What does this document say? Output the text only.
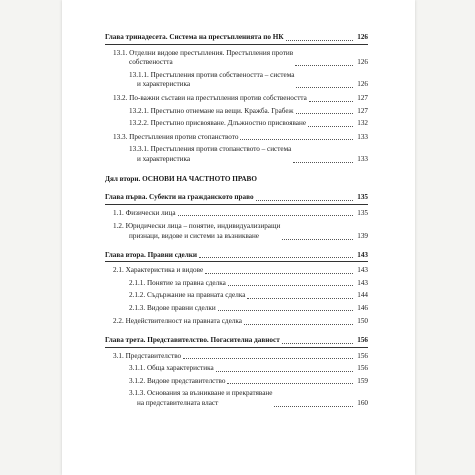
Глава тринадесета. Система на престъпленията по НК	126
13.1. Отделни видове престъпления. Престъпления против
собствеността	126
13.1.1. Престъпления против собствеността – система
и характеристика	126
13.2. По-важни състави на престъпления против собствеността	127
13.2.1. Престъпно отнемане на вещи. Кражба. Грабеж	127
13.2.2. Престъпно присвояване. Длъжностно присвояване	132
13.3. Престъпления против стопанството	133
13.3.1. Престъпления против стопанството – система
и характеристика	133
Дял втори. ОСНОВИ НА ЧАСТНОТО ПРАВО
Глава първа. Субекти на гражданското право	135
1.1. Физически лица	135
1.2. Юридически лица – понятие, индивидуализиращи
признаци, видове и системи за възникване	139
Глава втора. Правни сделки	143
2.1. Характеристика и видове	143
2.1.1. Понятие за правна сделка	143
2.1.2. Съдържание на правната сделка	144
2.1.3. Видове правни сделки	146
2.2. Недействителност на правната сделка	150
Глава трета. Представителство. Погасителна давност	156
3.1. Представителство	156
3.1.1. Обща характеристика	156
3.1.2. Видове представителство	159
3.1.3. Основания за възникване и прекратяване
на представителната власт	160
